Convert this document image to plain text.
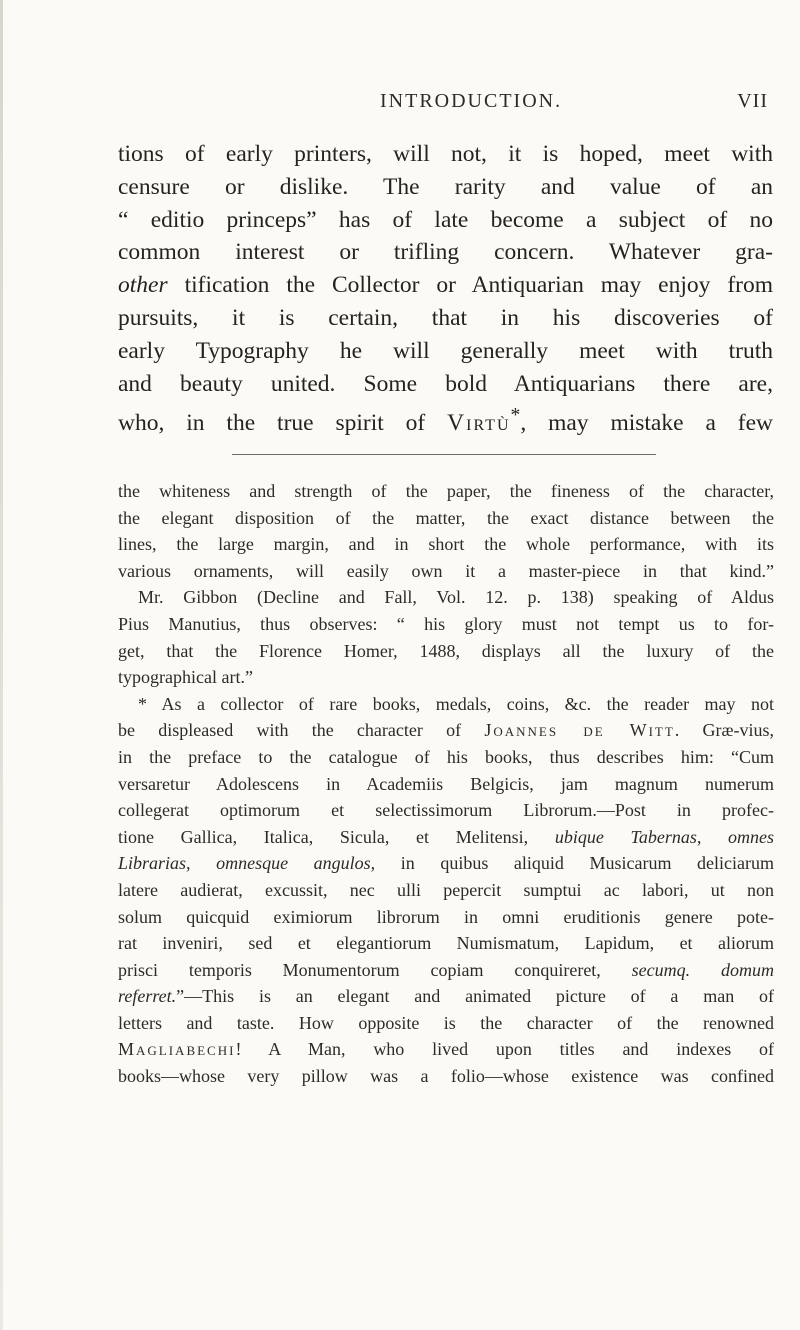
INTRODUCTION.	VII
tions of early printers, will not, it is hoped, meet with
censure or dislike. The rarity and value of an
“ editio princeps” has of late become a subject of no
common interest or trifling concern. Whatever gra-
other tification the Collector or Antiquarian may enjoy from
pursuits, it is certain, that in his discoveries of
early Typography he will generally meet with truth
and beauty united. Some bold Antiquarians there are,
who, in the true spirit of Virtù*, may mistake a few
the whiteness and strength of the paper, the fineness of the character,
the elegant disposition of the matter, the exact distance between the
lines, the large margin, and in short the whole performance, with its
various ornaments, will easily own it a master-piece in that kind.”
Mr. Gibbon (Decline and Fall, Vol. 12. p. 138) speaking of Aldus
Pius Manutius, thus observes: “ his glory must not tempt us to for-
get, that the Florence Homer, 1488, displays all the luxury of the
typographical art.”
* As a collector of rare books, medals, coins, &c. the reader may not
be displeased with the character of Joannes de Witt. Græ-vius,
in the preface to the catalogue of his books, thus describes him: “Cum
versaretur Adolescens in Academiis Belgicis, jam magnum numerum
collegerat optimorum et selectissimorum Librorum.—Post in profec-
tione Gallica, Italica, Sicula, et Melitensi, ubique Tabernas, omnes
Librarias, omnesque angulos, in quibus aliquid Musicarum deliciarum
latere audierat, excussit, nec ulli pepercit sumptui ac labori, ut non
solum quicquid eximiorum librorum in omni eruditionis genere pote-
rat inveniri, sed et elegantiorum Numismatum, Lapidum, et aliorum
prisci temporis Monumentorum copiam conquireret, secumq. domum
referret.”—This is an elegant and animated picture of a man of
letters and taste. How opposite is the character of the renowned
Magliabechi! A Man, who lived upon titles and indexes of
books—whose very pillow was a folio—whose existence was confined
